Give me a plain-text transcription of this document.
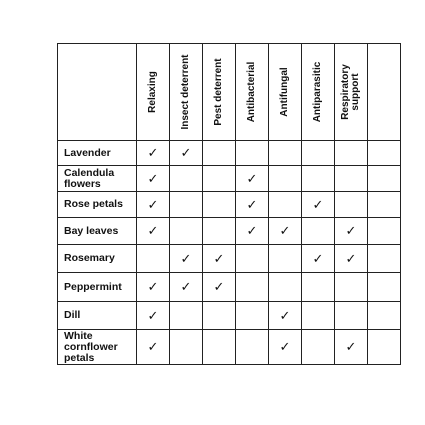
	Relaxing	Insect deterrent	Pest deterrent	Antibacterial	Antifungal	Antiparasitic	Respiratory support	

Lavender	✓	✓						
Calendula flowers	✓			✓				
Rose petals	✓			✓		✓		
Bay leaves	✓			✓	✓		✓	
Rosemary		✓	✓			✓	✓	
Peppermint	✓	✓	✓					
Dill	✓				✓			
White cornflower petals	✓				✓		✓	
